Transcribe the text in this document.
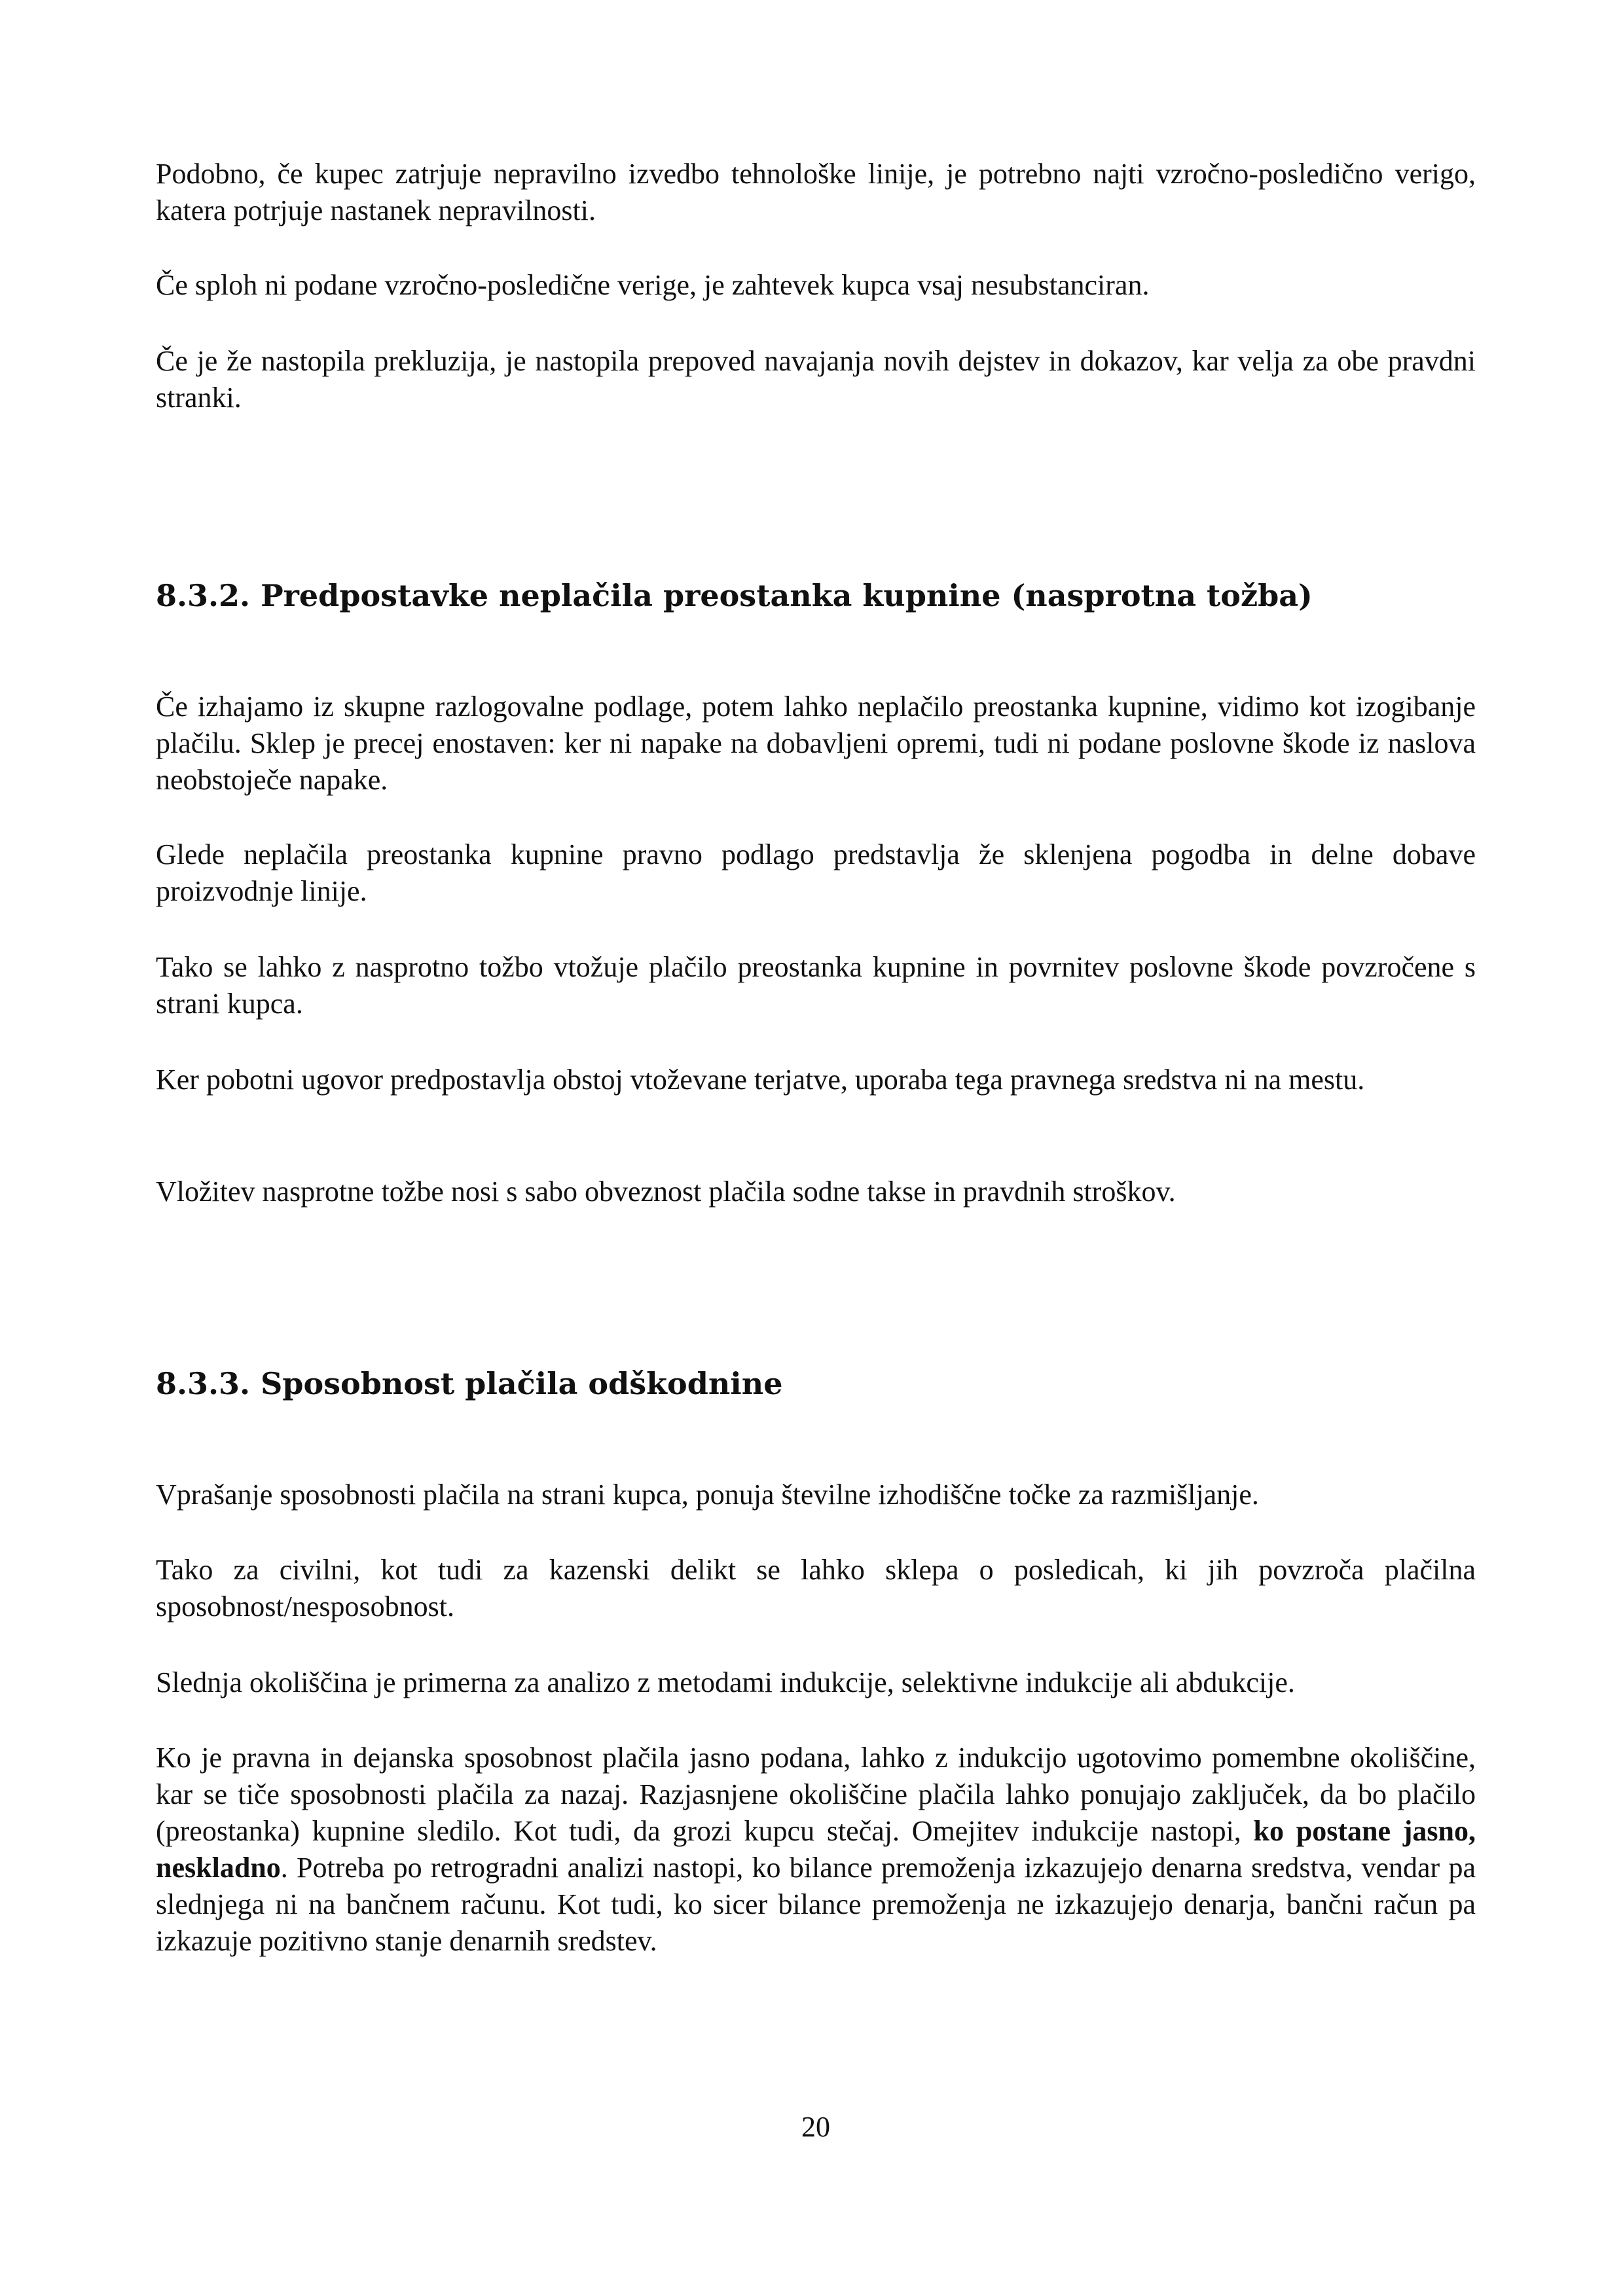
Podobno, če kupec zatrjuje nepravilno izvedbo tehnološke linije, je potrebno najti vzročno-posledično verigo, katera potrjuje nastanek nepravilnosti.

Če sploh ni podane vzročno-posledične verige, je zahtevek kupca vsaj nesubstanciran.

Če je že nastopila prekluzija, je nastopila prepoved navajanja novih dejstev in dokazov, kar velja za obe pravdni stranki.

8.3.2. Predpostavke neplačila preostanka kupnine (nasprotna tožba)

Če izhajamo iz skupne razlogovalne podlage, potem lahko neplačilo preostanka kupnine, vidimo kot izogibanje plačilu. Sklep je precej enostaven: ker ni napake na dobavljeni opremi, tudi ni podane poslovne škode iz naslova neobstoječe napake.

Glede neplačila preostanka kupnine pravno podlago predstavlja že sklenjena pogodba in delne dobave proizvodnje linije.

Tako se lahko z nasprotno tožbo vtožuje plačilo preostanka kupnine in povrnitev poslovne škode povzročene s strani kupca.

Ker pobotni ugovor predpostavlja obstoj vtoževane terjatve, uporaba tega pravnega sredstva ni na mestu.

Vložitev nasprotne tožbe nosi s sabo obveznost plačila sodne takse in pravdnih stroškov.

8.3.3. Sposobnost plačila odškodnine

Vprašanje sposobnosti plačila na strani kupca, ponuja številne izhodiščne točke za razmišljanje.

Tako za civilni, kot tudi za kazenski delikt se lahko sklepa o posledicah, ki jih povzroča plačilna sposobnost/nesposobnost.

Slednja okoliščina je primerna za analizo z metodami indukcije, selektivne indukcije ali abdukcije.

Ko je pravna in dejanska sposobnost plačila jasno podana, lahko z indukcijo ugotovimo pomembne okoliščine, kar se tiče sposobnosti plačila za nazaj. Razjasnjene okoliščine plačila lahko ponujajo zaključek, da bo plačilo (preostanka) kupnine sledilo. Kot tudi, da grozi kupcu stečaj. Omejitev indukcije nastopi, ko postane jasno, neskladno. Potreba po retrogradni analizi nastopi, ko bilance premoženja izkazujejo denarna sredstva, vendar pa slednjega ni na bančnem računu. Kot tudi, ko sicer bilance premoženja ne izkazujejo denarja, bančni račun pa izkazuje pozitivno stanje denarnih sredstev.

20
